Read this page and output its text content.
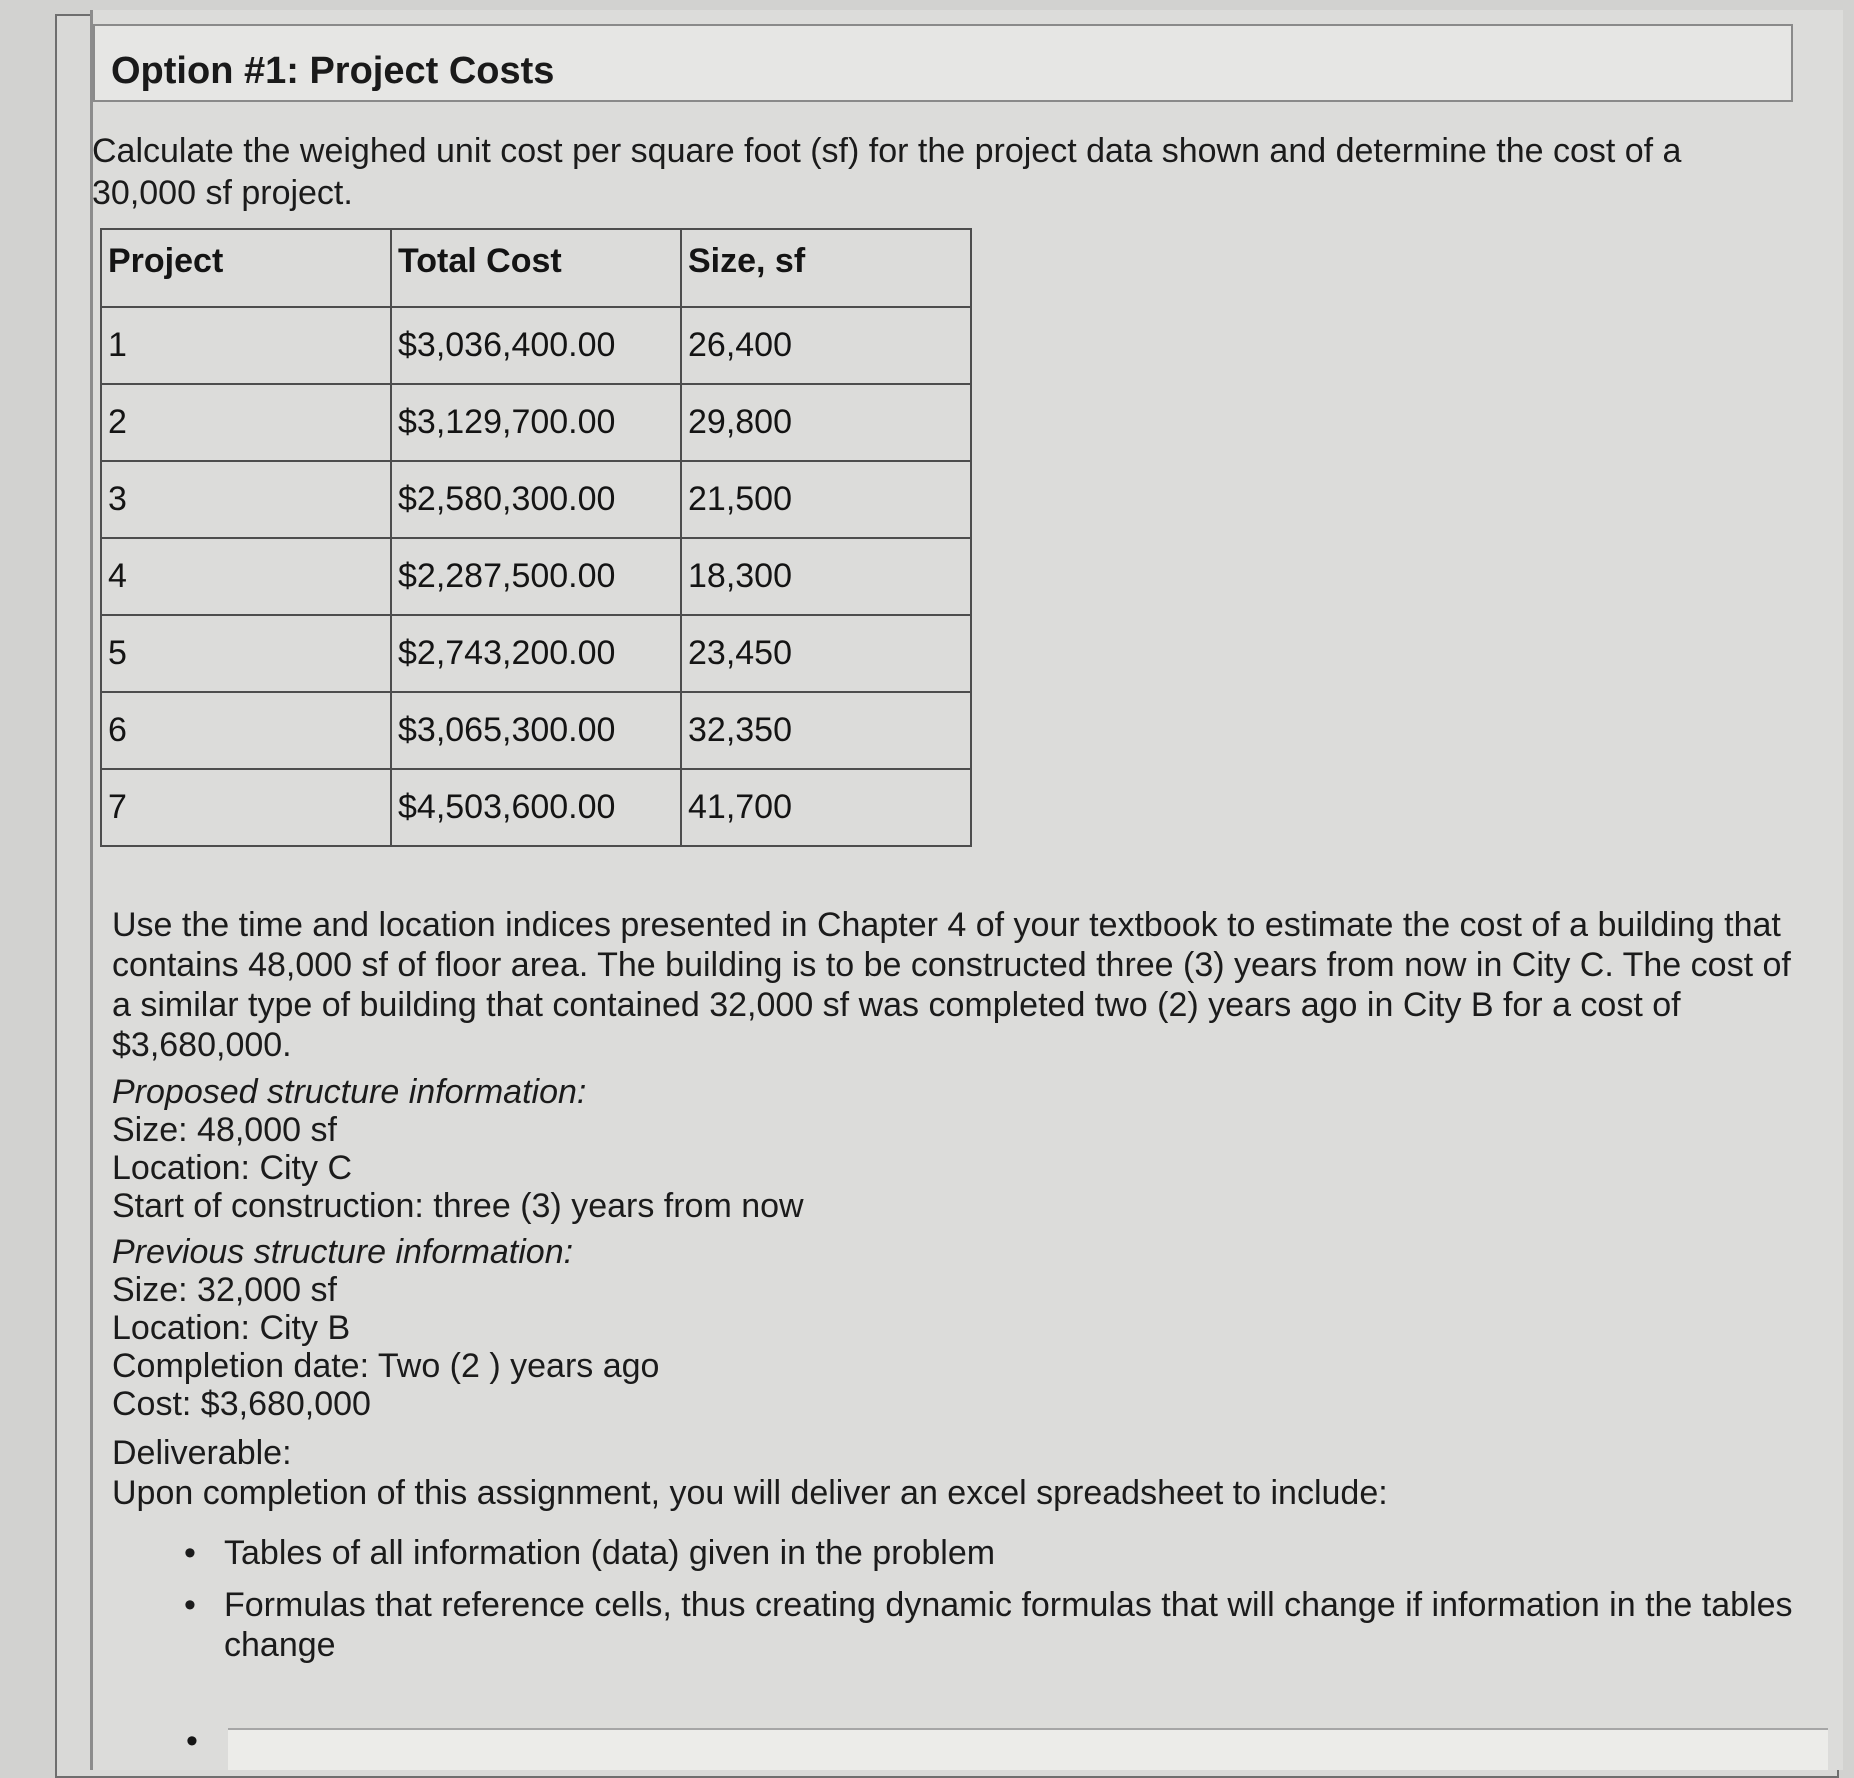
Option #1: Project Costs

Calculate the weighed unit cost per square foot (sf) for the project data shown and determine the cost of a 30,000 sf project.

Project	Total Cost	Size, sf
1	$3,036,400.00	26,400
2	$3,129,700.00	29,800
3	$2,580,300.00	21,500
4	$2,287,500.00	18,300
5	$2,743,200.00	23,450
6	$3,065,300.00	32,350
7	$4,503,600.00	41,700

Use the time and location indices presented in Chapter 4 of your textbook to estimate the cost of a building that contains 48,000 sf of floor area. The building is to be constructed three (3) years from now in City C. The cost of a similar type of building that contained 32,000 sf was completed two (2) years ago in City B for a cost of $3,680,000.

Proposed structure information:
Size: 48,000 sf
Location: City C
Start of construction: three (3) years from now
Previous structure information:
Size: 32,000 sf
Location: City B
Completion date: Two (2 ) years ago
Cost: $3,680,000
Deliverable:
Upon completion of this assignment, you will deliver an excel spreadsheet to include:
• Tables of all information (data) given in the problem
• Formulas that reference cells, thus creating dynamic formulas that will change if information in the tables change
•
